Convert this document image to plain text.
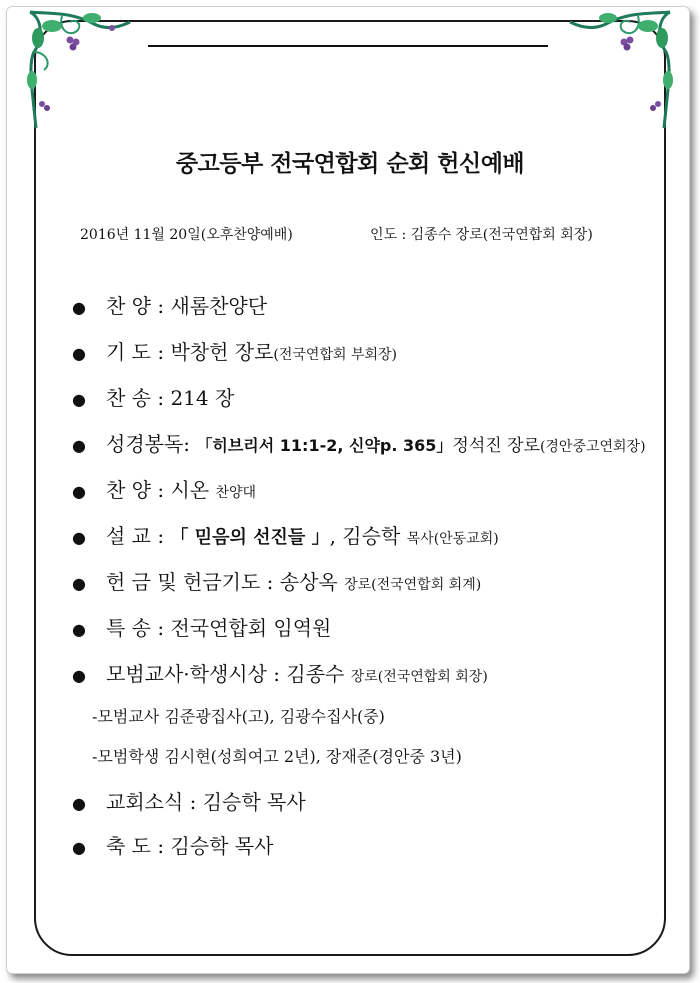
중고등부 전국연합회 순회 헌신예배
2016년 11월 20일(오후찬양예배)	인도 : 김종수 장로(전국연합회 회장)
● 찬 양 : 새롬찬양단
● 기 도 : 박창헌 장로(전국연합회 부회장)
● 찬 송 : 214 장
● 성경봉독: 「히브리서 11:1-2, 신약p. 365」정석진 장로(경안중고연회장)
● 찬 양 : 시온 찬양대
● 설 교 : 「 믿음의 선진들 」, 김승학 목사(안동교회)
● 헌 금 및 헌금기도 : 송상옥 장로(전국연합회 회계)
● 특 송 : 전국연합회 임역원
● 모범교사·학생시상 : 김종수 장로(전국연합회 회장)
-모범교사 김준광집사(고), 김광수집사(중)
-모범학생 김시현(성희여고 2년), 장재준(경안중 3년)
● 교회소식 : 김승학 목사
● 축 도 : 김승학 목사
